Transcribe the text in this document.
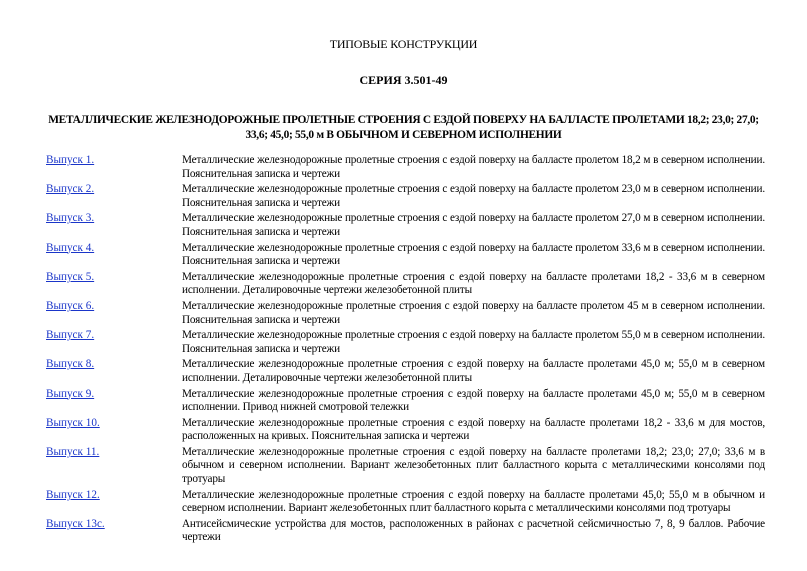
ТИПОВЫЕ КОНСТРУКЦИИ
СЕРИЯ 3.501-49
МЕТАЛЛИЧЕСКИЕ ЖЕЛЕЗНОДОРОЖНЫЕ ПРОЛЕТНЫЕ СТРОЕНИЯ С ЕЗДОЙ ПОВЕРХУ НА БАЛЛАСТЕ ПРОЛЕТАМИ 18,2; 23,0; 27,0; 33,6; 45,0; 55,0 м В ОБЫЧНОМ И СЕВЕРНОМ ИСПОЛНЕНИИ
Выпуск 1.	Металлические железнодорожные пролетные строения с ездой поверху на балласте пролетом 18,2 м в северном исполнении. Пояснительная записка и чертежи
Выпуск 2.	Металлические железнодорожные пролетные строения с ездой поверху на балласте пролетом 23,0 м в северном исполнении. Пояснительная записка и чертежи
Выпуск 3.	Металлические железнодорожные пролетные строения с ездой поверху на балласте пролетом 27,0 м в северном исполнении. Пояснительная записка и чертежи
Выпуск 4.	Металлические железнодорожные пролетные строения с ездой поверху на балласте пролетом 33,6 м в северном исполнении. Пояснительная записка и чертежи
Выпуск 5.	Металлические железнодорожные пролетные строения с ездой поверху на балласте пролетами 18,2 - 33,6 м в северном исполнении. Деталировочные чертежи железобетонной плиты
Выпуск 6.	Металлические железнодорожные пролетные строения с ездой поверху на балласте пролетом 45 м в северном исполнении. Пояснительная записка и чертежи
Выпуск 7.	Металлические железнодорожные пролетные строения с ездой поверху на балласте пролетом 55,0 м в северном исполнении. Пояснительная записка и чертежи
Выпуск 8.	Металлические железнодорожные пролетные строения с ездой поверху на балласте пролетами 45,0 м; 55,0 м в северном исполнении. Деталировочные чертежи железобетонной плиты
Выпуск 9.	Металлические железнодорожные пролетные строения с ездой поверху на балласте пролетами 45,0 м; 55,0 м в северном исполнении. Привод нижней смотровой тележки
Выпуск 10.	Металлические железнодорожные пролетные строения с ездой поверху на балласте пролетами 18,2 - 33,6 м для мостов, расположенных на кривых. Пояснительная записка и чертежи
Выпуск 11.	Металлические железнодорожные пролетные строения с ездой поверху на балласте пролетами 18,2; 23,0; 27,0; 33,6 м в обычном и северном исполнении. Вариант железобетонных плит балластного корыта с металлическими консолями под тротуары
Выпуск 12.	Металлические железнодорожные пролетные строения с ездой поверху на балласте пролетами 45,0; 55,0 м в обычном и северном исполнении. Вариант железобетонных плит балластного корыта с металлическими консолями под тротуары
Выпуск 13с.	Антисейсмические устройства для мостов, расположенных в районах с расчетной сейсмичностью 7, 8, 9 баллов. Рабочие чертежи
